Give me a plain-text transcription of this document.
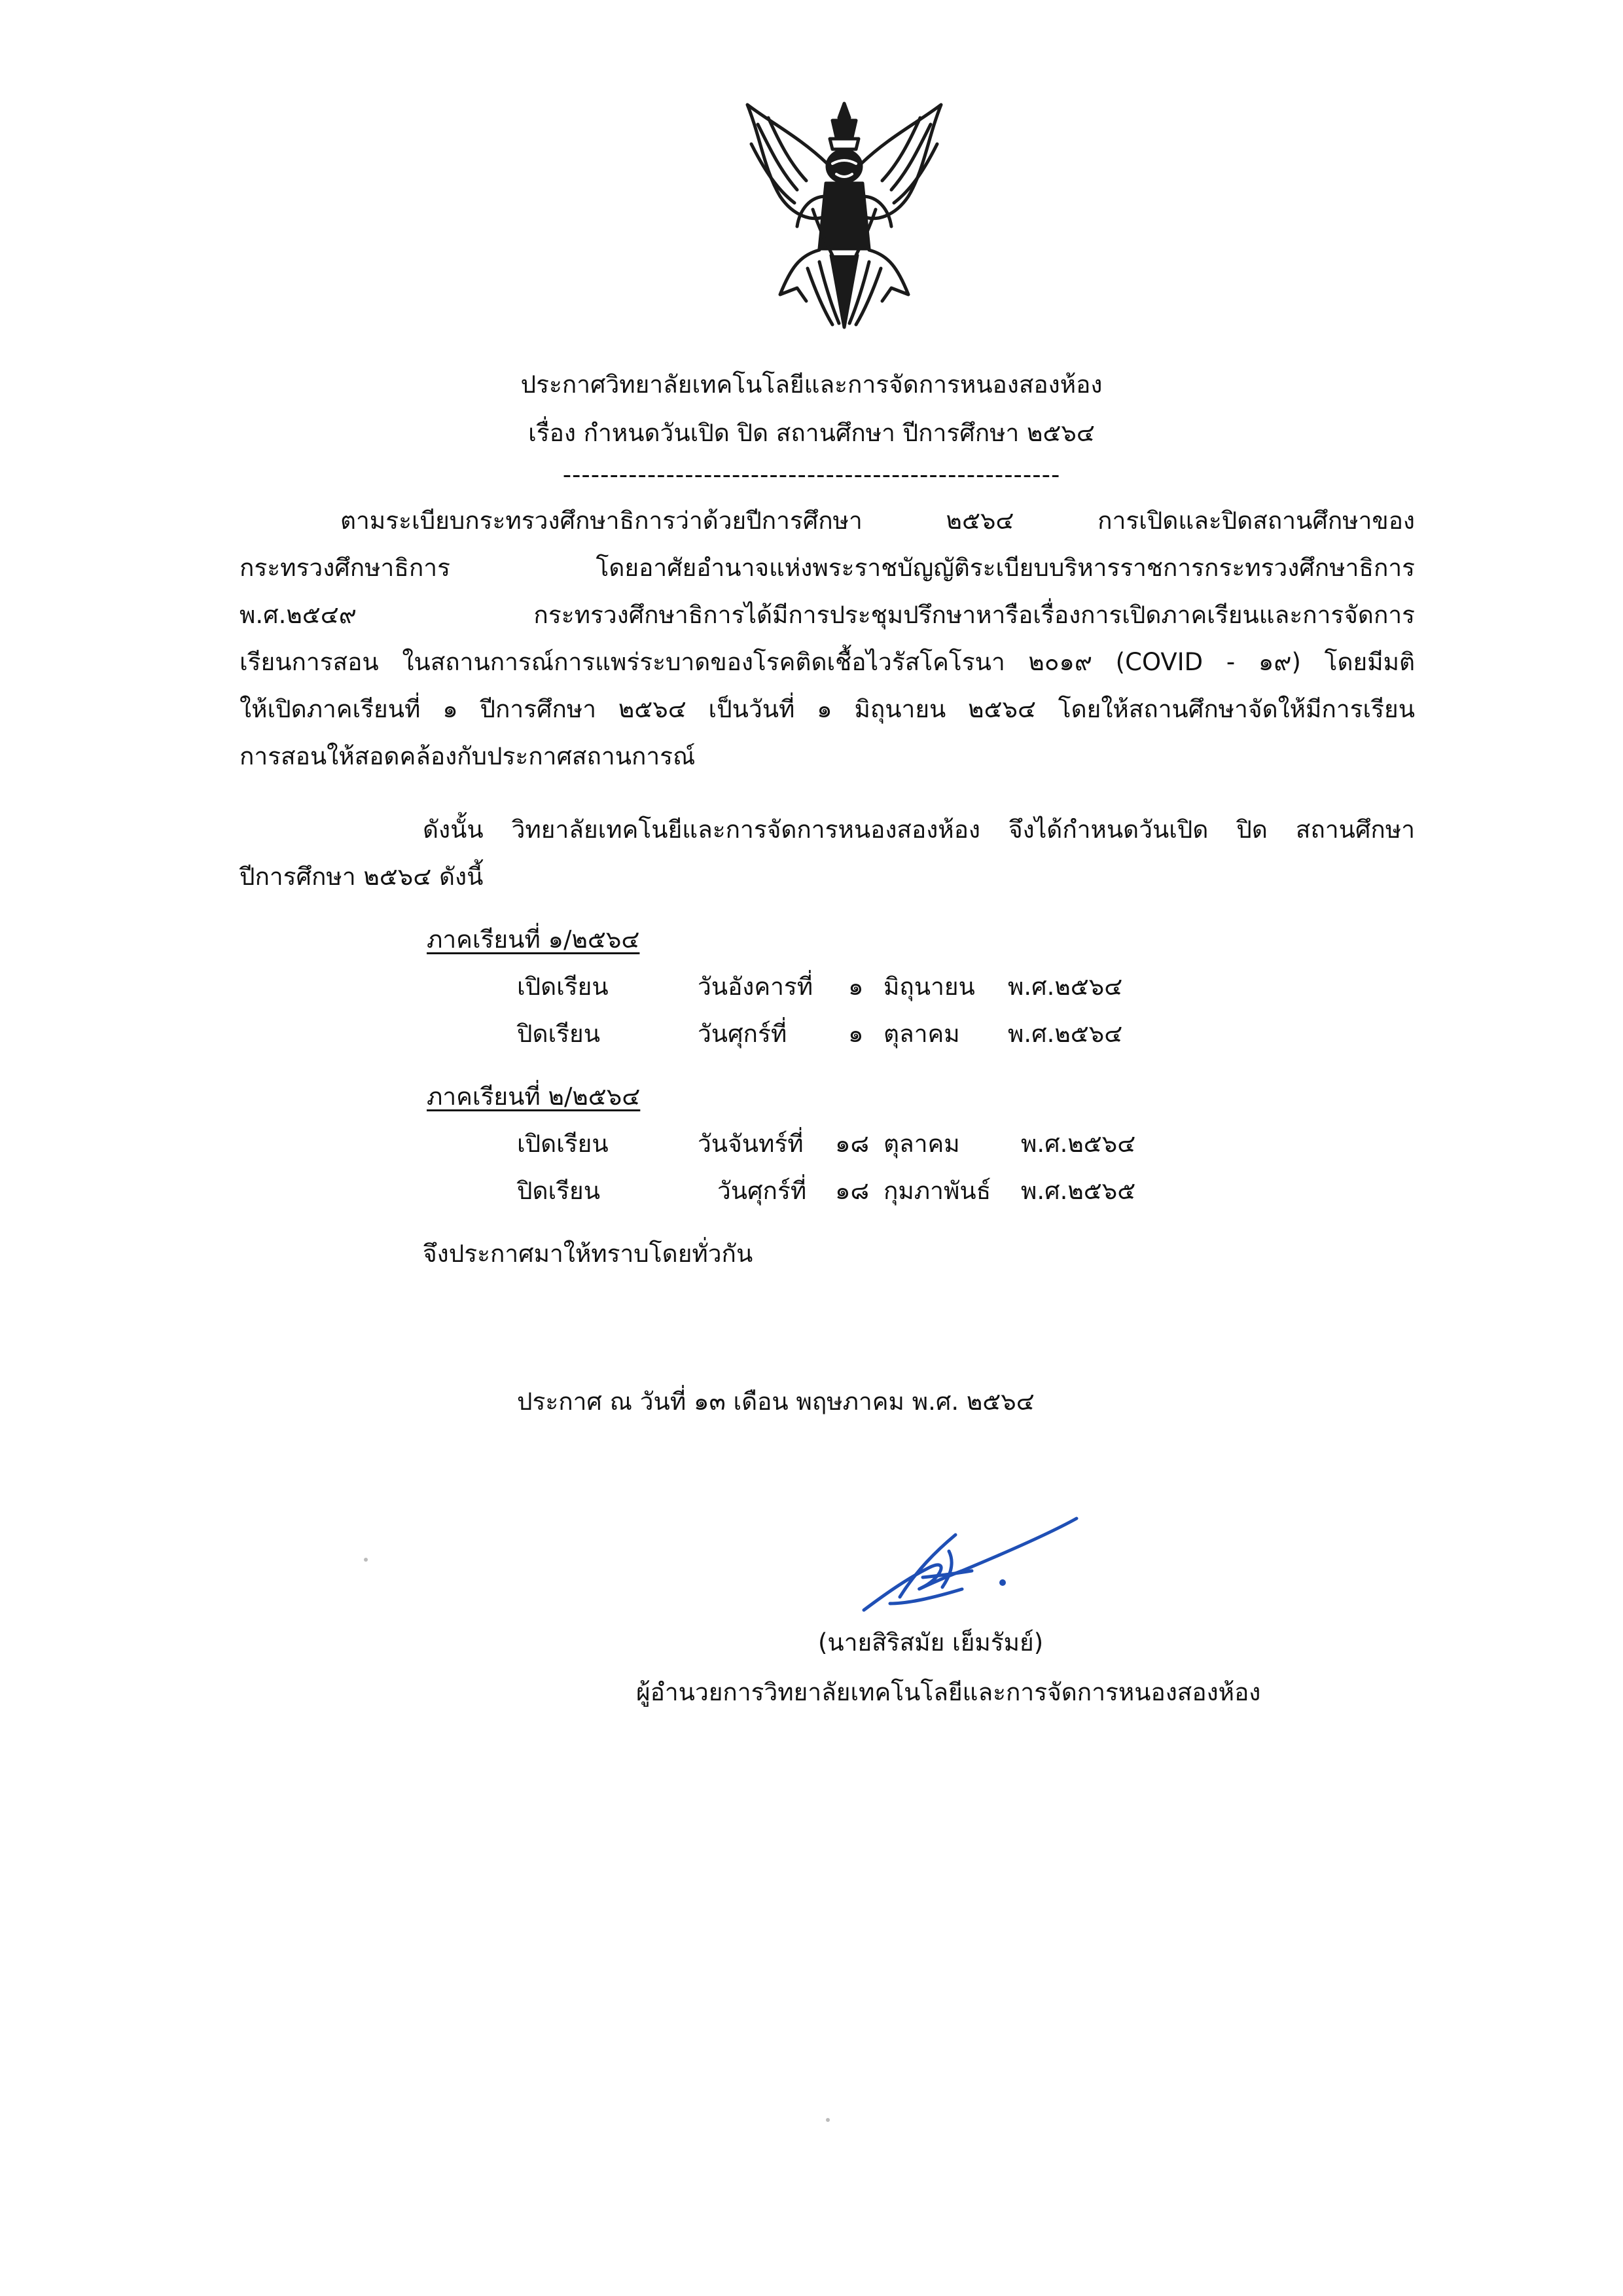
ประกาศวิทยาลัยเทคโนโลยีและการจัดการหนองสองห้อง
เรื่อง กำหนดวันเปิด ปิด สถานศึกษา ปีการศึกษา ๒๕๖๔
-----------------------------------------------------
ตามระเบียบกระทรวงศึกษาธิการว่าด้วยปีการศึกษา ๒๕๖๔ การเปิดและปิดสถานศึกษาของ
กระทรวงศึกษาธิการ โดยอาศัยอำนาจแห่งพระราชบัญญัติระเบียบบริหารราชการกระทรวงศึกษาธิการ
พ.ศ.๒๕๔๙ กระทรวงศึกษาธิการได้มีการประชุมปรึกษาหารือเรื่องการเปิดภาคเรียนและการจัดการ
เรียนการสอน ในสถานการณ์การแพร่ระบาดของโรคติดเชื้อไวรัสโคโรนา ๒๐๑๙ (COVID - ๑๙) โดยมีมติ
ให้เปิดภาคเรียนที่ ๑ ปีการศึกษา ๒๕๖๔ เป็นวันที่ ๑ มิถุนายน ๒๕๖๔ โดยให้สถานศึกษาจัดให้มีการเรียน
การสอนให้สอดคล้องกับประกาศสถานการณ์
ดังนั้น วิทยาลัยเทคโนยีและการจัดการหนองสองห้อง จึงได้กำหนดวันเปิด ปิด สถานศึกษา
ปีการศึกษา ๒๕๖๔ ดังนี้
ภาคเรียนที่ ๑/๒๕๖๔
เปิดเรียน	วันอังคารที่ ๑ มิถุนายน พ.ศ.๒๕๖๔
ปิดเรียน	วันศุกร์ที่	๑ ตุลาคม พ.ศ.๒๕๖๔
ภาคเรียนที่ ๒/๒๕๖๔
เปิดเรียน	วันจันทร์ที่ ๑๘ ตุลาคม	พ.ศ.๒๕๖๔
ปิดเรียน	วันศุกร์ที่ ๑๘ กุมภาพันธ์ พ.ศ.๒๕๖๕
จึงประกาศมาให้ทราบโดยทั่วกัน
ประกาศ ณ วันที่ ๑๓ เดือน พฤษภาคม พ.ศ. ๒๕๖๔
(นายสิริสมัย เย็มรัมย์)
ผู้อำนวยการวิทยาลัยเทคโนโลยีและการจัดการหนองสองห้อง
